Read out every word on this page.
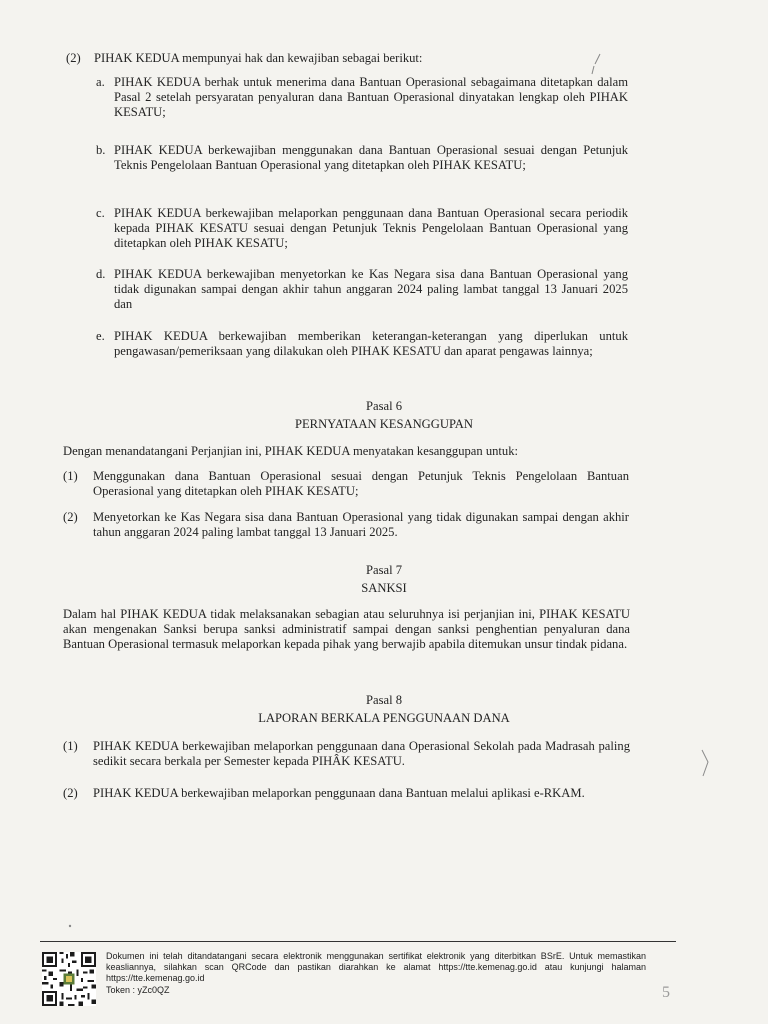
(2) PIHAK KEDUA mempunyai hak dan kewajiban sebagai berikut:
a. PIHAK KEDUA berhak untuk menerima dana Bantuan Operasional sebagaimana ditetapkan dalam Pasal 2 setelah persyaratan penyaluran dana Bantuan Operasional dinyatakan lengkap oleh PIHAK KESATU;
b. PIHAK KEDUA berkewajiban menggunakan dana Bantuan Operasional sesuai dengan Petunjuk Teknis Pengelolaan Bantuan Operasional yang ditetapkan oleh PIHAK KESATU;
c. PIHAK KEDUA berkewajiban melaporkan penggunaan dana Bantuan Operasional secara periodik kepada PIHAK KESATU sesuai dengan Petunjuk Teknis Pengelolaan Bantuan Operasional yang ditetapkan oleh PIHAK KESATU;
d. PIHAK KEDUA berkewajiban menyetorkan ke Kas Negara sisa dana Bantuan Operasional yang tidak digunakan sampai dengan akhir tahun anggaran 2024 paling lambat tanggal 13 Januari 2025 dan
e. PIHAK KEDUA berkewajiban memberikan keterangan-keterangan yang diperlukan untuk pengawasan/pemeriksaan yang dilakukan oleh PIHAK KESATU dan aparat pengawas lainnya;
Pasal 6
PERNYATAAN KESANGGUPAN
Dengan menandatangani Perjanjian ini, PIHAK KEDUA menyatakan kesanggupan untuk:
(1) Menggunakan dana Bantuan Operasional sesuai dengan Petunjuk Teknis Pengelolaan Bantuan Operasional yang ditetapkan oleh PIHAK KESATU;
(2) Menyetorkan ke Kas Negara sisa dana Bantuan Operasional yang tidak digunakan sampai dengan akhir tahun anggaran 2024 paling lambat tanggal 13 Januari 2025.
Pasal 7
SANKSI
Dalam hal PIHAK KEDUA tidak melaksanakan sebagian atau seluruhnya isi perjanjian ini, PIHAK KESATU akan mengenakan Sanksi berupa sanksi administratif sampai dengan sanksi penghentian penyaluran dana Bantuan Operasional termasuk melaporkan kepada pihak yang berwajib apabila ditemukan unsur tindak pidana.
Pasal 8
LAPORAN BERKALA PENGGUNAAN DANA
(1) PIHAK KEDUA berkewajiban melaporkan penggunaan dana Operasional Sekolah pada Madrasah paling sedikit secara berkala per Semester kepada PIHÂK KESATU.
(2) PIHAK KEDUA berkewajiban melaporkan penggunaan dana Bantuan melalui aplikasi e-RKAM.
Dokumen ini telah ditandatangani secara elektronik menggunakan sertifikat elektronik yang diterbitkan BSrE. Untuk memastikan keasliannya, silahkan scan QRCode dan pastikan diarahkan ke alamat https://tte.kemenag.go.id atau kunjungi halaman https://tte.kemenag.go.id
Token : yZc0QZ	5
